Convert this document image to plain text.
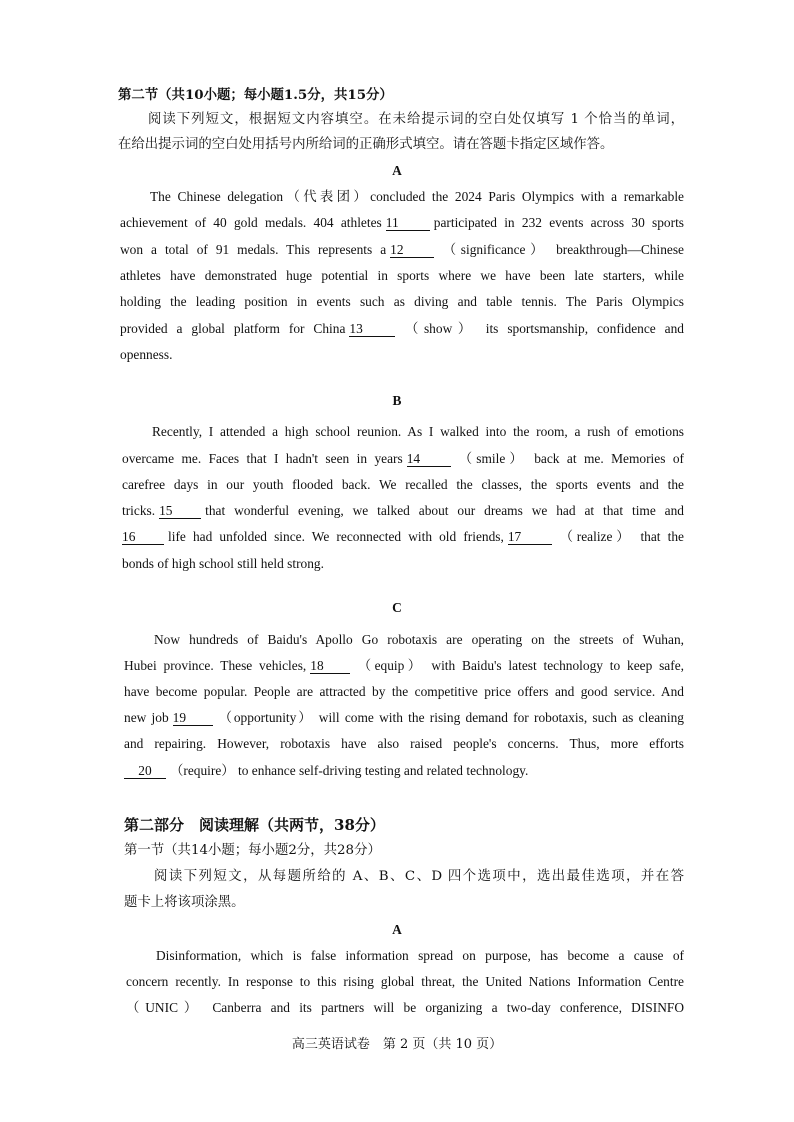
第二节（共10小题；每小题1.5分，共15分）
阅读下列短文，根据短文内容填空。在未给提示词的空白处仅填写 1 个恰当的单词，
在给出提示词的空白处用括号内所给词的正确形式填空。请在答题卡指定区域作答。
A
The Chinese delegation（代表团）concluded the 2024 Paris Olympics with a remarkable
achievement of 40 gold medals. 404 athletes 11	participated in 232 events across 30 sports
won a total of 91 medals. This represents a 12	（significance） breakthrough—Chinese
athletes have demonstrated huge potential in sports where we have been late starters, while
holding the leading position in events such as diving and table tennis. The Paris Olympics
provided a global platform for China 13	（show） its sportsmanship, confidence and
openness.
B
Recently, I attended a high school reunion. As I walked into the room, a rush of emotions
overcame me. Faces that I hadn't seen in years 14	（smile） back at me. Memories of
carefree days in our youth flooded back. We recalled the classes, the sports events and the
tricks. 15 that wonderful evening, we talked about our dreams we had at that time and
16 life had unfolded since. We reconnected with old friends, 17	（realize） that the
bonds of high school still held strong.
C
Now hundreds of Baidu's Apollo Go robotaxis are operating on the streets of Wuhan,
Hubei province. These vehicles, 18 （equip） with Baidu's latest technology to keep safe,
have become popular. People are attracted by the competitive price offers and good service. And
new job 19 （opportunity） will come with the rising demand for robotaxis, such as cleaning
and repairing. However, robotaxis have also raised people's concerns. Thus, more efforts
20 （require） to enhance self-driving testing and related technology.
第二部分　阅读理解（共两节，38分）
第一节（共14小题；每小题2分，共28分）
阅读下列短文，从每题所给的 A、B、C、D 四个选项中，选出最佳选项，并在答
题卡上将该项涂黑。
A
Disinformation, which is false information spread on purpose, has become a cause of
concern recently. In response to this rising global threat, the United Nations Information Centre
（UNIC） Canberra and its partners will be organizing a two-day conference, DISINFO
高三英语试卷　第 2 页（共 10 页）
